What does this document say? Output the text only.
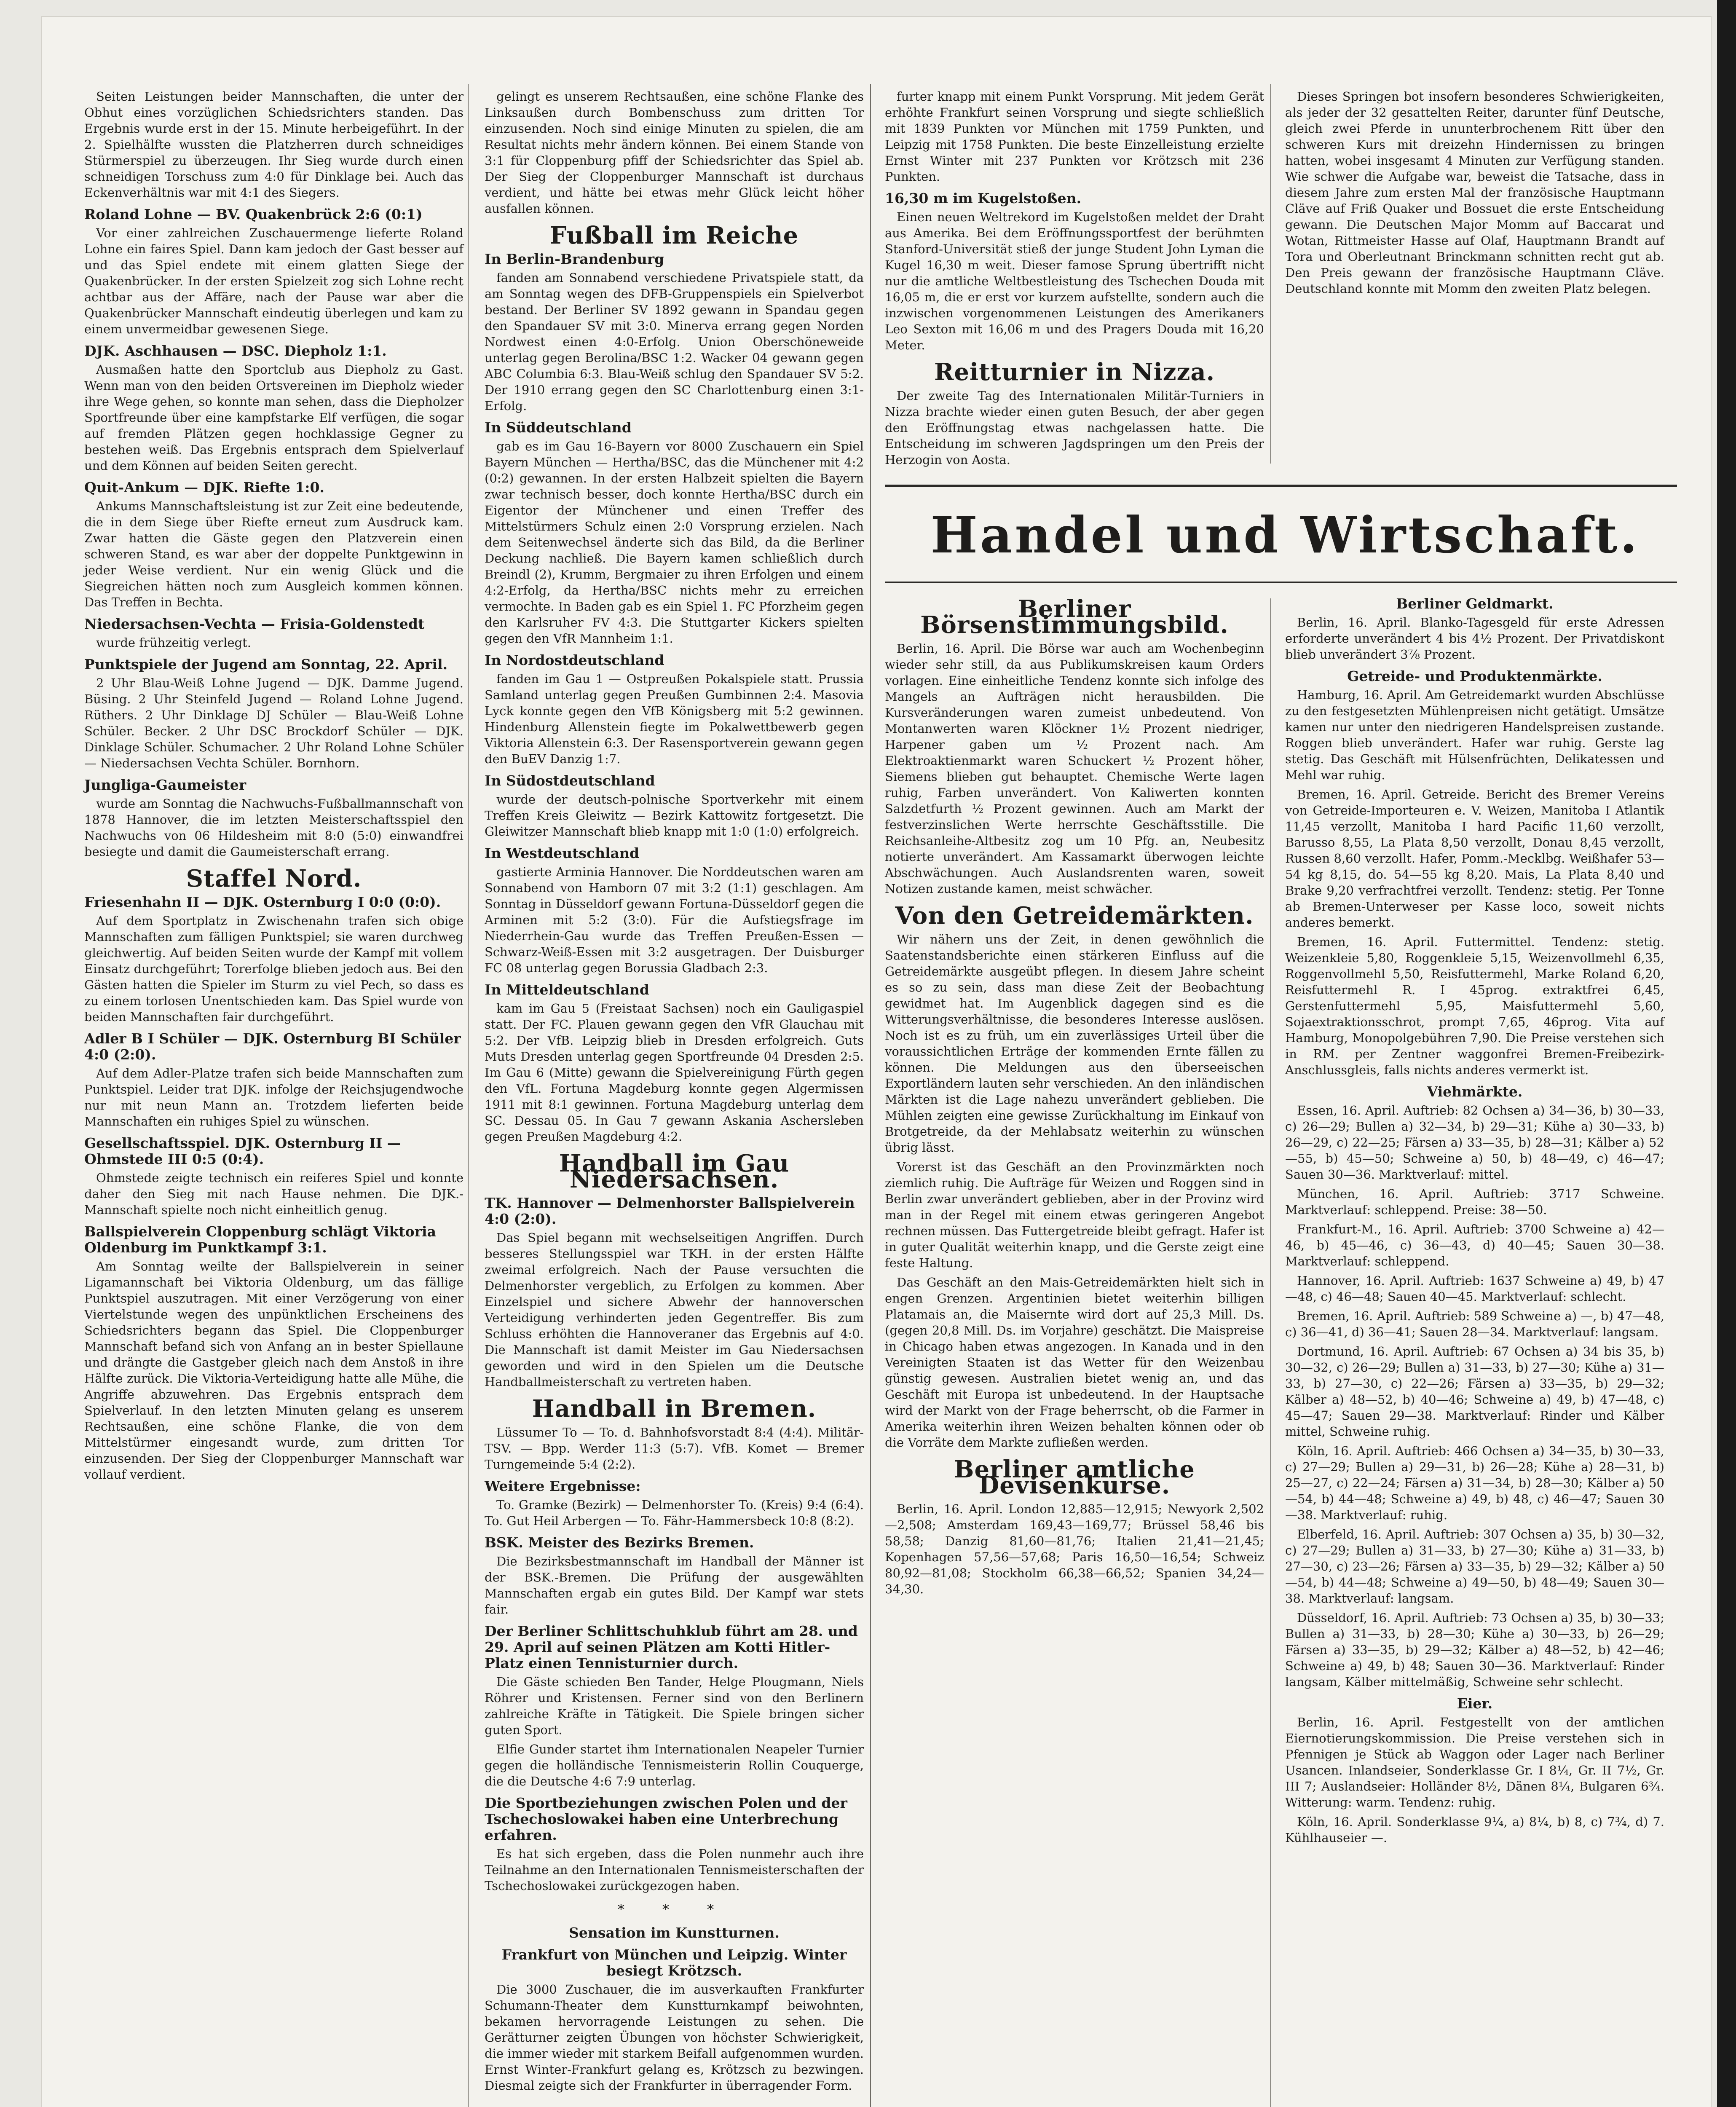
Seiten Leistungen beider Mannschaften, die unter der Obhut eines vorzüglichen Schiedsrichters standen. Das Ergebnis wurde erst in der 15. Minute herbeigeführt. In der 2. Spielhälfte wussten die Platzherren durch schneidiges Stürmerspiel zu überzeugen. Ihr Sieg wurde durch einen schneidigen Torschuss zum 4:0 für Dinklage bei. Auch das Eckenverhältnis war mit 4:1 des Siegers.

Roland Lohne — BV. Quakenbrück 2:6 (0:1)

Vor einer zahlreichen Zuschauermenge lieferte Roland Lohne ein faires Spiel. Dann kam jedoch der Gast besser auf und das Spiel endete mit einem glatten Siege der Quakenbrücker. In der ersten Spielzeit zog sich Lohne recht achtbar aus der Affäre, nach der Pause war aber die Quakenbrücker Mannschaft eindeutig überlegen und kam zu einem unvermeidbar gewesenen Siege.

DJK. Aschhausen — DSC. Diepholz 1:1.

Ausmaßen hatte den Sportclub aus Diepholz zu Gast. Wenn man von den beiden Ortsvereinen im Diepholz wieder ihre Wege gehen, so konnte man sehen, dass die Diepholzer Sportfreunde über eine kampfstarke Elf verfügen, die sogar auf fremden Plätzen gegen hochklassige Gegner zu bestehen weiß. Das Ergebnis entsprach dem Spielverlauf und dem Können auf beiden Seiten gerecht.

Quit-Ankum — DJK. Riefte 1:0.

Ankums Mannschaftsleistung ist zur Zeit eine bedeutende, die in dem Siege über Riefte erneut zum Ausdruck kam. Zwar hatten die Gäste gegen den Platzverein einen schweren Stand, es war aber der doppelte Punktgewinn in jeder Weise verdient. Nur ein wenig Glück und die Siegreichen hätten noch zum Ausgleich kommen können. Das Treffen in Bechta.

Niedersachsen-Vechta — Frisia-Goldenstedt

wurde frühzeitig verlegt.

Punktspiele der Jugend am Sonntag, 22. April.

2 Uhr Blau-Weiß Lohne Jugend — DJK. Damme Jugend. Büsing. 2 Uhr Steinfeld Jugend — Roland Lohne Jugend. Rüthers. 2 Uhr Dinklage DJ Schüler — Blau-Weiß Lohne Schüler. Becker. 2 Uhr DSC Brockdorf Schüler — DJK. Dinklage Schüler. Schumacher. 2 Uhr Roland Lohne Schüler — Niedersachsen Vechta Schüler. Bornhorn.

Jungliga-Gaumeister

wurde am Sonntag die Nachwuchs-Fußballmannschaft von 1878 Hannover, die im letzten Meisterschaftsspiel den Nachwuchs von 06 Hildesheim mit 8:0 (5:0) einwandfrei besiegte und damit die Gaumeisterschaft errang.

Staffel Nord.
Friesenhahn II — DJK. Osternburg I 0:0 (0:0).

Auf dem Sportplatz in Zwischenahn trafen sich obige Mannschaften zum fälligen Punktspiel; sie waren durchweg gleichwertig. Auf beiden Seiten wurde der Kampf mit vollem Einsatz durchgeführt; Torerfolge blieben jedoch aus. Bei den Gästen hatten die Spieler im Sturm zu viel Pech, so dass es zu einem torlosen Unentschieden kam. Das Spiel wurde von beiden Mannschaften fair durchgeführt.

Adler B I Schüler — DJK. Osternburg BI Schüler 4:0 (2:0).

Auf dem Adler-Platze trafen sich beide Mannschaften zum Punktspiel. Leider trat DJK. infolge der Reichsjugendwoche nur mit neun Mann an. Trotzdem lieferten beide Mannschaften ein ruhiges Spiel zu wünschen.

Gesellschaftsspiel. DJK. Osternburg II — Ohmstede III 0:5 (0:4).

Ohmstede zeigte technisch ein reiferes Spiel und konnte daher den Sieg mit nach Hause nehmen. Die DJK.-Mannschaft spielte noch nicht einheitlich genug.

Ballspielverein Cloppenburg schlägt Viktoria Oldenburg im Punktkampf 3:1.

Am Sonntag weilte der Ballspielverein in seiner Ligamannschaft bei Viktoria Oldenburg, um das fällige Punktspiel auszutragen. Mit einer Verzögerung von einer Viertelstunde wegen des unpünktlichen Erscheinens des Schiedsrichters begann das Spiel. Die Cloppenburger Mannschaft befand sich von Anfang an in bester Spiellaune und drängte die Gastgeber gleich nach dem Anstoß in ihre Hälfte zurück. Die Viktoria-Verteidigung hatte alle Mühe, die Angriffe abzuwehren. Das Ergebnis entsprach dem Spielverlauf. In den letzten Minuten gelang es unserem Rechtsaußen, eine schöne Flanke, die von dem Mittelstürmer eingesandt wurde, zum dritten Tor einzusenden. Der Sieg der Cloppenburger Mannschaft war vollauf verdient.

gelingt es unserem Rechtsaußen, eine schöne Flanke des Linksaußen durch Bombenschuss zum dritten Tor einzusenden. Noch sind einige Minuten zu spielen, die am Resultat nichts mehr ändern können. Bei einem Stande von 3:1 für Cloppenburg pfiff der Schiedsrichter das Spiel ab. Der Sieg der Cloppenburger Mannschaft ist durchaus verdient, und hätte bei etwas mehr Glück leicht höher ausfallen können.

Fußball im Reiche
In Berlin-Brandenburg

fanden am Sonnabend verschiedene Privatspiele statt, da am Sonntag wegen des DFB-Gruppenspiels ein Spielverbot bestand. Der Berliner SV 1892 gewann in Spandau gegen den Spandauer SV mit 3:0. Minerva errang gegen Norden Nordwest einen 4:0-Erfolg. Union Oberschöneweide unterlag gegen Berolina/BSC 1:2. Wacker 04 gewann gegen ABC Columbia 6:3. Blau-Weiß schlug den Spandauer SV 5:2. Der 1910 errang gegen den SC Charlottenburg einen 3:1-Erfolg.

In Süddeutschland

gab es im Gau 16-Bayern vor 8000 Zuschauern ein Spiel Bayern München — Hertha/BSC, das die Münchener mit 4:2 (0:2) gewannen. In der ersten Halbzeit spielten die Bayern zwar technisch besser, doch konnte Hertha/BSC durch ein Eigentor der Münchener und einen Treffer des Mittelstürmers Schulz einen 2:0 Vorsprung erzielen. Nach dem Seitenwechsel änderte sich das Bild, da die Berliner Deckung nachließ. Die Bayern kamen schließlich durch Breindl (2), Krumm, Bergmaier zu ihren Erfolgen und einem 4:2-Erfolg, da Hertha/BSC nichts mehr zu erreichen vermochte. In Baden gab es ein Spiel 1. FC Pforzheim gegen den Karlsruher FV 4:3. Die Stuttgarter Kickers spielten gegen den VfR Mannheim 1:1.

In Nordostdeutschland

fanden im Gau 1 — Ostpreußen Pokalspiele statt. Prussia Samland unterlag gegen Preußen Gumbinnen 2:4. Masovia Lyck konnte gegen den VfB Königsberg mit 5:2 gewinnen. Hindenburg Allenstein fiegte im Pokalwettbewerb gegen Viktoria Allenstein 6:3. Der Rasensportverein gewann gegen den BuEV Danzig 1:7.

In Südostdeutschland

wurde der deutsch-polnische Sportverkehr mit einem Treffen Kreis Gleiwitz — Bezirk Kattowitz fortgesetzt. Die Gleiwitzer Mannschaft blieb knapp mit 1:0 (1:0) erfolgreich.

In Westdeutschland

gastierte Arminia Hannover. Die Norddeutschen waren am Sonnabend von Hamborn 07 mit 3:2 (1:1) geschlagen. Am Sonntag in Düsseldorf gewann Fortuna-Düsseldorf gegen die Arminen mit 5:2 (3:0). Für die Aufstiegsfrage im Niederrhein-Gau wurde das Treffen Preußen-Essen — Schwarz-Weiß-Essen mit 3:2 ausgetragen. Der Duisburger FC 08 unterlag gegen Borussia Gladbach 2:3.

In Mitteldeutschland

kam im Gau 5 (Freistaat Sachsen) noch ein Gauligaspiel statt. Der FC. Plauen gewann gegen den VfR Glauchau mit 5:2. Der VfB. Leipzig blieb in Dresden erfolgreich. Guts Muts Dresden unterlag gegen Sportfreunde 04 Dresden 2:5. Im Gau 6 (Mitte) gewann die Spielvereinigung Fürth gegen den VfL. Fortuna Magdeburg konnte gegen Algermissen 1911 mit 8:1 gewinnen. Fortuna Magdeburg unterlag dem SC. Dessau 05. In Gau 7 gewann Askania Aschersleben gegen Preußen Magdeburg 4:2.

Handball im Gau Niedersachsen.
TK. Hannover — Delmenhorster Ballspielverein 4:0 (2:0).

Das Spiel begann mit wechselseitigen Angriffen. Durch besseres Stellungsspiel war TKH. in der ersten Hälfte zweimal erfolgreich. Nach der Pause versuchten die Delmenhorster vergeblich, zu Erfolgen zu kommen. Aber Einzelspiel und sichere Abwehr der hannoverschen Verteidigung verhinderten jeden Gegentreffer. Bis zum Schluss erhöhten die Hannoveraner das Ergebnis auf 4:0. Die Mannschaft ist damit Meister im Gau Niedersachsen geworden und wird in den Spielen um die Deutsche Handballmeisterschaft zu vertreten haben.

Handball in Bremen.

Lüssumer To — To. d. Bahnhofsvorstadt 8:4 (4:4). Militär-TSV. — Bpp. Werder 11:3 (5:7). VfB. Komet — Bremer Turngemeinde 5:4 (2:2).

Weitere Ergebnisse:

To. Gramke (Bezirk) — Delmenhorster To. (Kreis) 9:4 (6:4). To. Gut Heil Arbergen — To. Fähr-Hammersbeck 10:8 (8:2).

BSK. Meister des Bezirks Bremen.

Die Bezirksbestmannschaft im Handball der Männer ist der BSK.-Bremen. Die Prüfung der ausgewählten Mannschaften ergab ein gutes Bild. Der Kampf war stets fair.

Der Berliner Schlittschuhklub führt am 28. und 29. April auf seinen Plätzen am Kotti Hitler-Platz einen Tennisturnier durch.

Die Gäste schieden Ben Tander, Helge Plougmann, Niels Röhrer und Kristensen. Ferner sind von den Berlinern zahlreiche Kräfte in Tätigkeit. Die Spiele bringen sicher guten Sport.

Elfie Gunder startet ihm Internationalen Neapeler Turnier gegen die holländische Tennismeisterin Rollin Couquerge, die die Deutsche 4:6 7:9 unterlag.

Die Sportbeziehungen zwischen Polen und der Tschechoslowakei haben eine Unterbrechung erfahren.

Es hat sich ergeben, dass die Polen nunmehr auch ihre Teilnahme an den Internationalen Tennismeisterschaften der Tschechoslowakei zurückgezogen haben.

* * *
Sensation im Kunstturnen.
Frankfurt von München und Leipzig. Winter besiegt Krötzsch.

Die 3000 Zuschauer, die im ausverkauften Frankfurter Schumann-Theater dem Kunstturnkampf beiwohnten, bekamen hervorragende Leistungen zu sehen. Die Gerätturner zeigten Übungen von höchster Schwierigkeit, die immer wieder mit starkem Beifall aufgenommen wurden. Ernst Winter-Frankfurt gelang es, Krötzsch zu bezwingen. Diesmal zeigte sich der Frankfurter in überragender Form.

furter knapp mit einem Punkt Vorsprung. Mit jedem Gerät erhöhte Frankfurt seinen Vorsprung und siegte schließlich mit 1839 Punkten vor München mit 1759 Punkten, und Leipzig mit 1758 Punkten. Die beste Einzelleistung erzielte Ernst Winter mit 237 Punkten vor Krötzsch mit 236 Punkten.

16,30 m im Kugelstoßen.

Einen neuen Weltrekord im Kugelstoßen meldet der Draht aus Amerika. Bei dem Eröffnungssportfest der berühmten Stanford-Universität stieß der junge Student John Lyman die Kugel 16,30 m weit. Dieser famose Sprung übertrifft nicht nur die amtliche Weltbestleistung des Tschechen Douda mit 16,05 m, die er erst vor kurzem aufstellte, sondern auch die inzwischen vorgenommenen Leistungen des Amerikaners Leo Sexton mit 16,06 m und des Pragers Douda mit 16,20 Meter.

Reitturnier in Nizza.

Der zweite Tag des Internationalen Militär-Turniers in Nizza brachte wieder einen guten Besuch, der aber gegen den Eröffnungstag etwas nachgelassen hatte. Die Entscheidung im schweren Jagdspringen um den Preis der Herzogin von Aosta.

Handel und Wirtschaft.
Berliner Börsenstimmungsbild.

Berlin, 16. April. Die Börse war auch am Wochenbeginn wieder sehr still, da aus Publikumskreisen kaum Orders vorlagen. Eine einheitliche Tendenz konnte sich infolge des Mangels an Aufträgen nicht herausbilden. Die Kursveränderungen waren zumeist unbedeutend. Von Montanwerten waren Klöckner 1½ Prozent niedriger, Harpener gaben um ½ Prozent nach. Am Elektroaktienmarkt waren Schuckert ½ Prozent höher, Siemens blieben gut behauptet. Chemische Werte lagen ruhig, Farben unverändert. Von Kaliwerten konnten Salzdetfurth ½ Prozent gewinnen. Auch am Markt der festverzinslichen Werte herrschte Geschäftsstille. Die Reichsanleihe-Altbesitz zog um 10 Pfg. an, Neubesitz notierte unverändert. Am Kassamarkt überwogen leichte Abschwächungen. Auch Auslandsrenten waren, soweit Notizen zustande kamen, meist schwächer.

Von den Getreidemärkten.

Wir nähern uns der Zeit, in denen gewöhnlich die Saatenstandsberichte einen stärkeren Einfluss auf die Getreidemärkte ausgeübt pflegen. In diesem Jahre scheint es so zu sein, dass man diese Zeit der Beobachtung gewidmet hat. Im Augenblick dagegen sind es die Witterungsverhältnisse, die besonderes Interesse auslösen. Noch ist es zu früh, um ein zuverlässiges Urteil über die voraussichtlichen Erträge der kommenden Ernte fällen zu können. Die Meldungen aus den überseeischen Exportländern lauten sehr verschieden. An den inländischen Märkten ist die Lage nahezu unverändert geblieben. Die Mühlen zeigten eine gewisse Zurückhaltung im Einkauf von Brotgetreide, da der Mehlabsatz weiterhin zu wünschen übrig lässt.

Vorerst ist das Geschäft an den Provinzmärkten noch ziemlich ruhig. Die Aufträge für Weizen und Roggen sind in Berlin zwar unverändert geblieben, aber in der Provinz wird man in der Regel mit einem etwas geringeren Angebot rechnen müssen. Das Futtergetreide bleibt gefragt. Hafer ist in guter Qualität weiterhin knapp, und die Gerste zeigt eine feste Haltung.

Das Geschäft an den Mais-Getreidemärkten hielt sich in engen Grenzen. Argentinien bietet weiterhin billigen Platamais an, die Maisernte wird dort auf 25,3 Mill. Ds. (gegen 20,8 Mill. Ds. im Vorjahre) geschätzt. Die Maispreise in Chicago haben etwas angezogen. In Kanada und in den Vereinigten Staaten ist das Wetter für den Weizenbau günstig gewesen. Australien bietet wenig an, und das Geschäft mit Europa ist unbedeutend. In der Hauptsache wird der Markt von der Frage beherrscht, ob die Farmer in Amerika weiterhin ihren Weizen behalten können oder ob die Vorräte dem Markte zufließen werden.

Berliner amtliche Devisenkurse.

Berlin, 16. April. London 12,885—12,915; Newyork 2,502—2,508; Amsterdam 169,43—169,77; Brüssel 58,46 bis 58,58; Danzig 81,60—81,76; Italien 21,41—21,45; Kopenhagen 57,56—57,68; Paris 16,50—16,54; Schweiz 80,92—81,08; Stockholm 66,38—66,52; Spanien 34,24—34,30.

Dieses Springen bot insofern besonderes Schwierigkeiten, als jeder der 32 gesattelten Reiter, darunter fünf Deutsche, gleich zwei Pferde in ununterbrochenem Ritt über den schweren Kurs mit dreizehn Hindernissen zu bringen hatten, wobei insgesamt 4 Minuten zur Verfügung standen. Wie schwer die Aufgabe war, beweist die Tatsache, dass in diesem Jahre zum ersten Mal der französische Hauptmann Cläve auf Friß Quaker und Bossuet die erste Entscheidung gewann. Die Deutschen Major Momm auf Baccarat und Wotan, Rittmeister Hasse auf Olaf, Hauptmann Brandt auf Tora und Oberleutnant Brinckmann schnitten recht gut ab. Den Preis gewann der französische Hauptmann Cläve. Deutschland konnte mit Momm den zweiten Platz belegen.

Berliner Geldmarkt.

Berlin, 16. April. Blanko-Tagesgeld für erste Adressen erforderte unverändert 4 bis 4½ Prozent. Der Privatdiskont blieb unverändert 3⅞ Prozent.

Getreide- und Produktenmärkte.

Hamburg, 16. April. Am Getreidemarkt wurden Abschlüsse zu den festgesetzten Mühlenpreisen nicht getätigt. Umsätze kamen nur unter den niedrigeren Handelspreisen zustande. Roggen blieb unverändert. Hafer war ruhig. Gerste lag stetig. Das Geschäft mit Hülsenfrüchten, Delikatessen und Mehl war ruhig.

Bremen, 16. April. Getreide. Bericht des Bremer Vereins von Getreide-Importeuren e. V. Weizen, Manitoba I Atlantik 11,45 verzollt, Manitoba I hard Pacific 11,60 verzollt, Barusso 8,55, La Plata 8,50 verzollt, Donau 8,45 verzollt, Russen 8,60 verzollt. Hafer, Pomm.-Mecklbg. Weißhafer 53—54 kg 8,15, do. 54—55 kg 8,20. Mais, La Plata 8,40 und Brake 9,20 verfrachtfrei verzollt. Tendenz: stetig. Per Tonne ab Bremen-Unterweser per Kasse loco, soweit nichts anderes bemerkt.

Bremen, 16. April. Futtermittel. Tendenz: stetig. Weizenkleie 5,80, Roggenkleie 5,15, Weizenvollmehl 6,35, Roggenvollmehl 5,50, Reisfuttermehl, Marke Roland 6,20, Reisfuttermehl R. I 45prog. extraktfrei 6,45, Gerstenfuttermehl 5,95, Maisfuttermehl 5,60, Sojaextraktionsschrot, prompt 7,65, 46prog. Vita auf Hamburg, Monopolgebühren 7,90. Die Preise verstehen sich in RM. per Zentner waggonfrei Bremen-Freibezirk-Anschlussgleis, falls nichts anderes vermerkt ist.

Viehmärkte.

Essen, 16. April. Auftrieb: 82 Ochsen a) 34—36, b) 30—33, c) 26—29; Bullen a) 32—34, b) 29—31; Kühe a) 30—33, b) 26—29, c) 22—25; Färsen a) 33—35, b) 28—31; Kälber a) 52—55, b) 45—50; Schweine a) 50, b) 48—49, c) 46—47; Sauen 30—36. Marktverlauf: mittel.

München, 16. April. Auftrieb: 3717 Schweine. Marktverlauf: schleppend. Preise: 38—50.

Frankfurt-M., 16. April. Auftrieb: 3700 Schweine a) 42—46, b) 45—46, c) 36—43, d) 40—45; Sauen 30—38. Marktverlauf: schleppend.

Hannover, 16. April. Auftrieb: 1637 Schweine a) 49, b) 47—48, c) 46—48; Sauen 40—45. Marktverlauf: schlecht.

Bremen, 16. April. Auftrieb: 589 Schweine a) —, b) 47—48, c) 36—41, d) 36—41; Sauen 28—34. Marktverlauf: langsam.

Dortmund, 16. April. Auftrieb: 67 Ochsen a) 34 bis 35, b) 30—32, c) 26—29; Bullen a) 31—33, b) 27—30; Kühe a) 31—33, b) 27—30, c) 22—26; Färsen a) 33—35, b) 29—32; Kälber a) 48—52, b) 40—46; Schweine a) 49, b) 47—48, c) 45—47; Sauen 29—38. Marktverlauf: Rinder und Kälber mittel, Schweine ruhig.

Köln, 16. April. Auftrieb: 466 Ochsen a) 34—35, b) 30—33, c) 27—29; Bullen a) 29—31, b) 26—28; Kühe a) 28—31, b) 25—27, c) 22—24; Färsen a) 31—34, b) 28—30; Kälber a) 50—54, b) 44—48; Schweine a) 49, b) 48, c) 46—47; Sauen 30—38. Marktverlauf: ruhig.

Elberfeld, 16. April. Auftrieb: 307 Ochsen a) 35, b) 30—32, c) 27—29; Bullen a) 31—33, b) 27—30; Kühe a) 31—33, b) 27—30, c) 23—26; Färsen a) 33—35, b) 29—32; Kälber a) 50—54, b) 44—48; Schweine a) 49—50, b) 48—49; Sauen 30—38. Marktverlauf: langsam.

Düsseldorf, 16. April. Auftrieb: 73 Ochsen a) 35, b) 30—33; Bullen a) 31—33, b) 28—30; Kühe a) 30—33, b) 26—29; Färsen a) 33—35, b) 29—32; Kälber a) 48—52, b) 42—46; Schweine a) 49, b) 48; Sauen 30—36. Marktverlauf: Rinder langsam, Kälber mittelmäßig, Schweine sehr schlecht.

Eier.

Berlin, 16. April. Festgestellt von der amtlichen Eiernotierungskommission. Die Preise verstehen sich in Pfennigen je Stück ab Waggon oder Lager nach Berliner Usancen. Inlandseier, Sonderklasse Gr. I 8¼, Gr. II 7½, Gr. III 7; Auslandseier: Holländer 8½, Dänen 8¼, Bulgaren 6¾. Witterung: warm. Tendenz: ruhig.

Köln, 16. April. Sonderklasse 9¼, a) 8¼, b) 8, c) 7¾, d) 7. Kühlhauseier —.
